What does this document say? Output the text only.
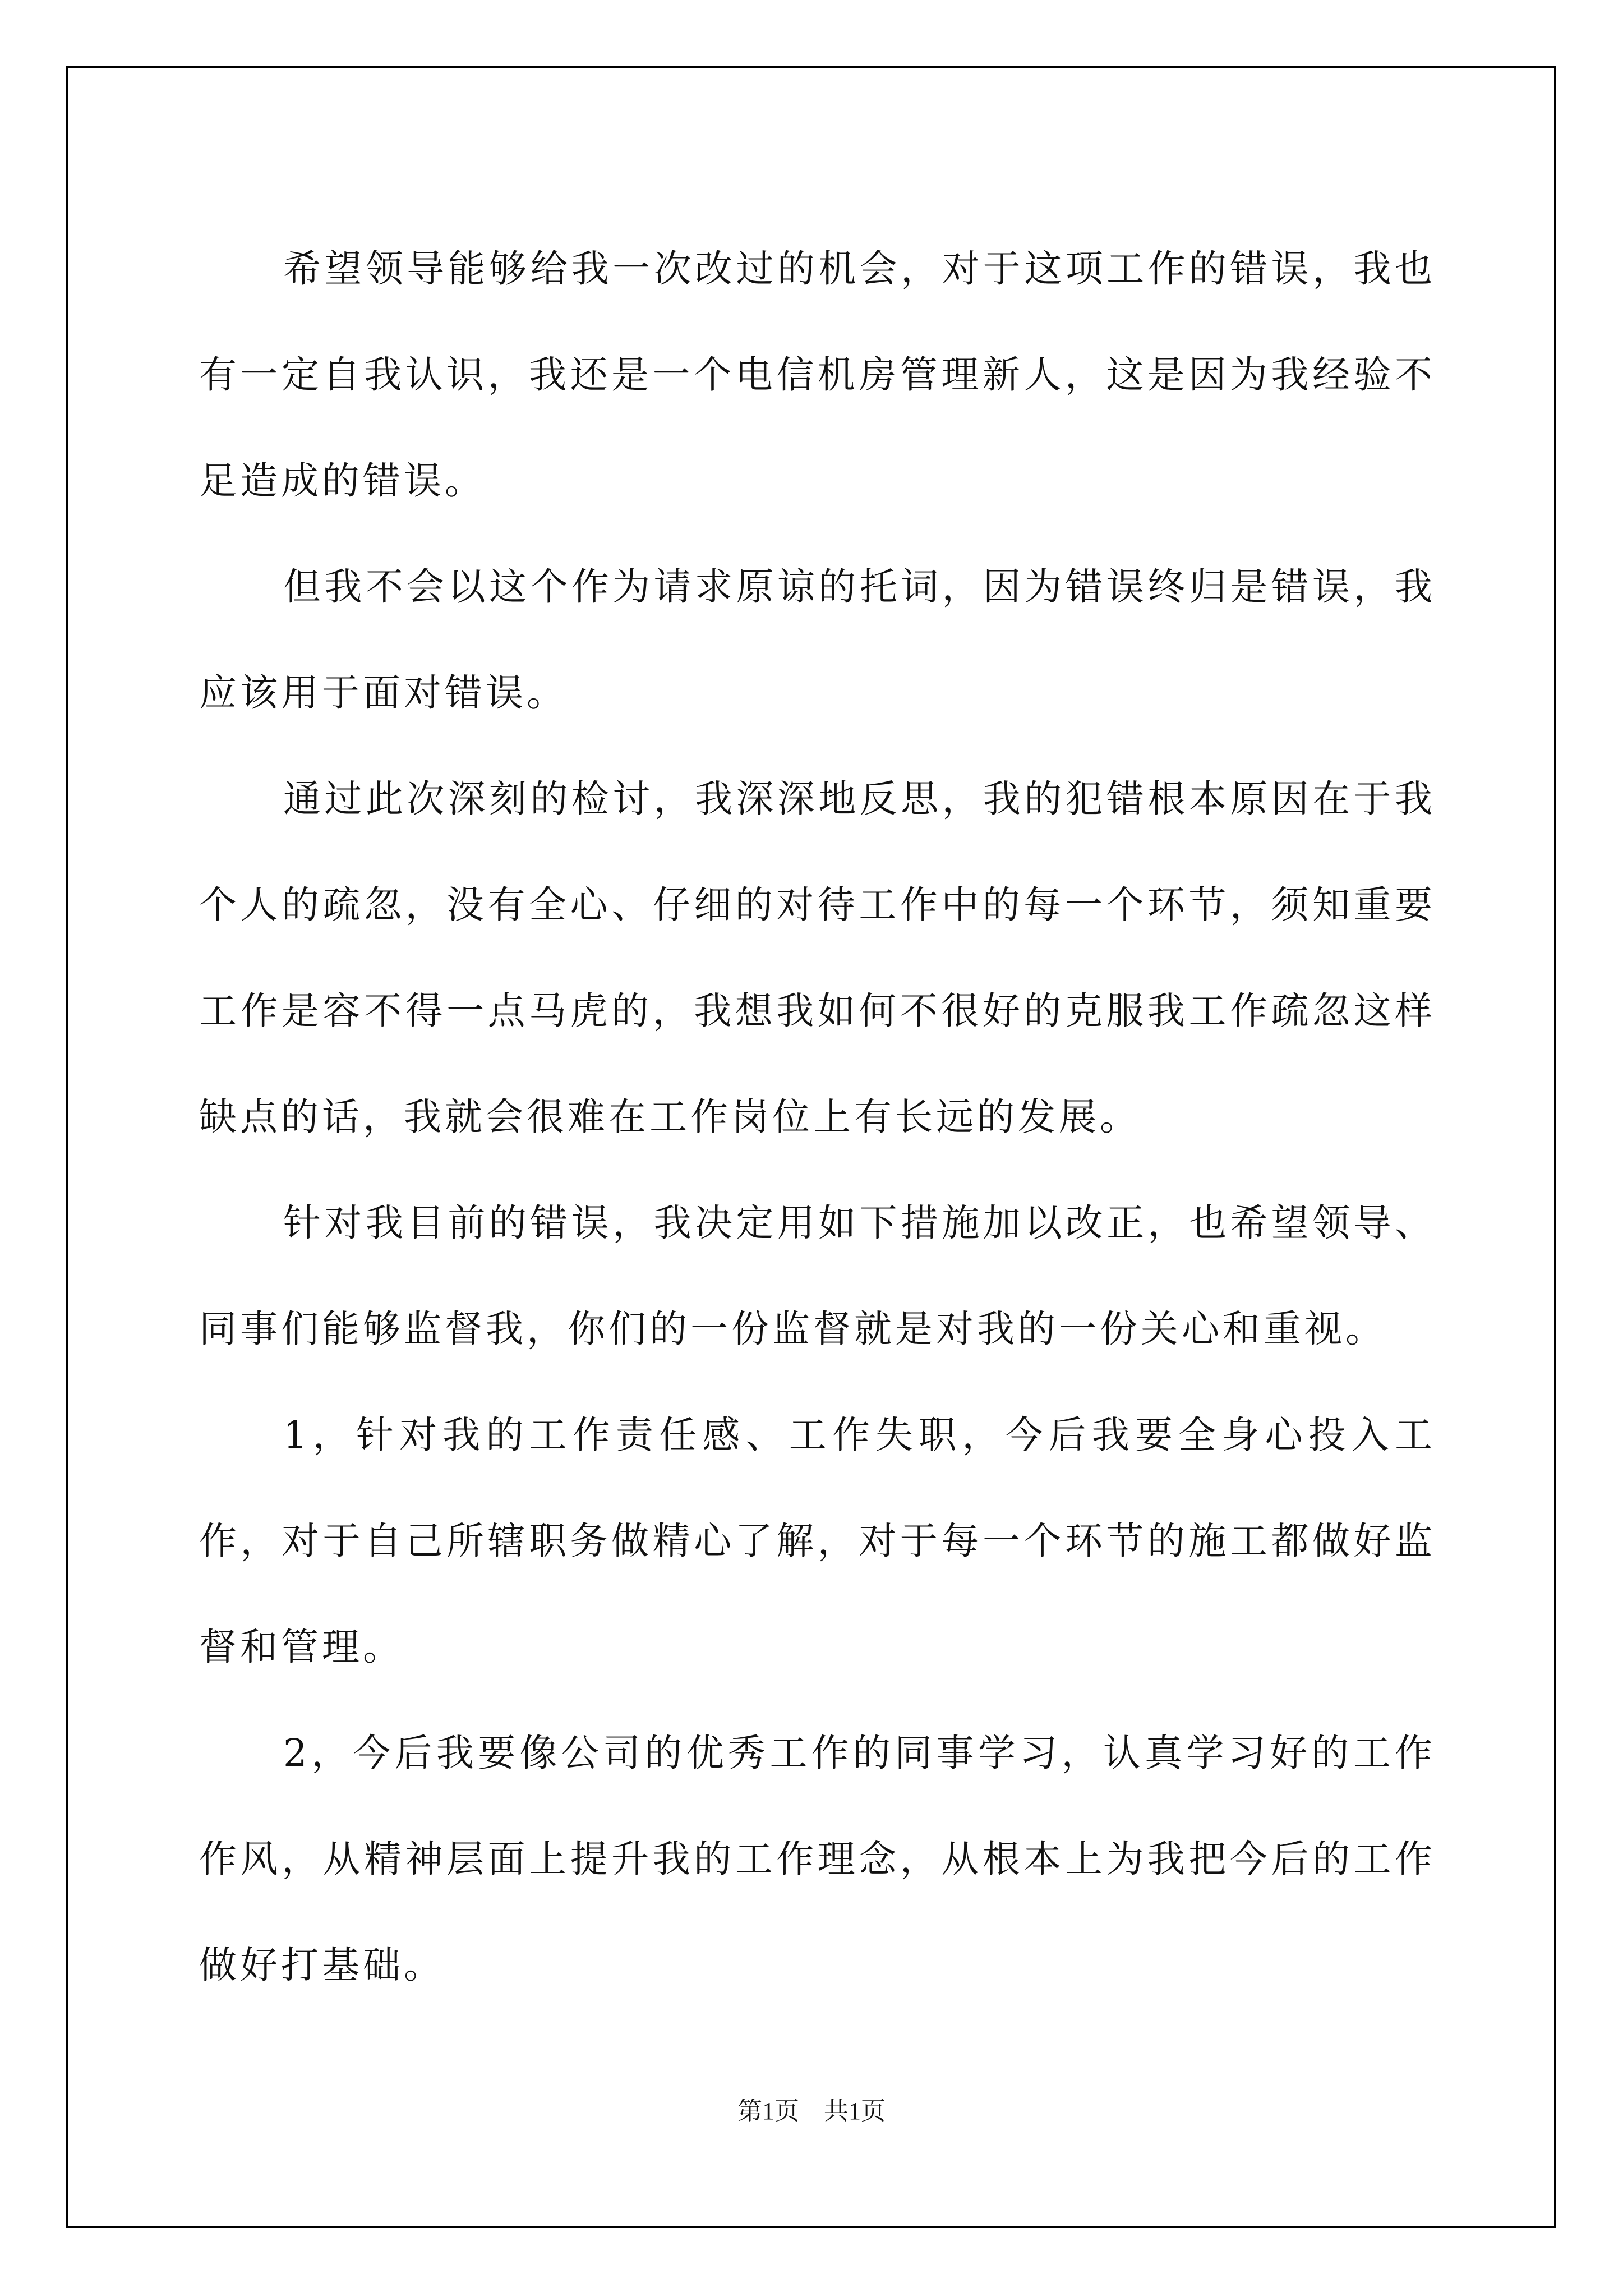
希望领导能够给我一次改过的机会，对于这项工作的错误，我也有一定自我认识，我还是一个电信机房管理新人，这是因为我经验不足造成的错误。

但我不会以这个作为请求原谅的托词，因为错误终归是错误，我应该用于面对错误。

通过此次深刻的检讨，我深深地反思，我的犯错根本原因在于我个人的疏忽，没有全心、仔细的对待工作中的每一个环节，须知重要工作是容不得一点马虎的，我想我如何不很好的克服我工作疏忽这样缺点的话，我就会很难在工作岗位上有长远的发展。

针对我目前的错误，我决定用如下措施加以改正，也希望领导、同事们能够监督我，你们的一份监督就是对我的一份关心和重视。

1，针对我的工作责任感、工作失职，今后我要全身心投入工作，对于自己所辖职务做精心了解，对于每一个环节的施工都做好监督和管理。

2，今后我要像公司的优秀工作的同事学习，认真学习好的工作作风，从精神层面上提升我的工作理念，从根本上为我把今后的工作做好打基础。

第1页 共1页
